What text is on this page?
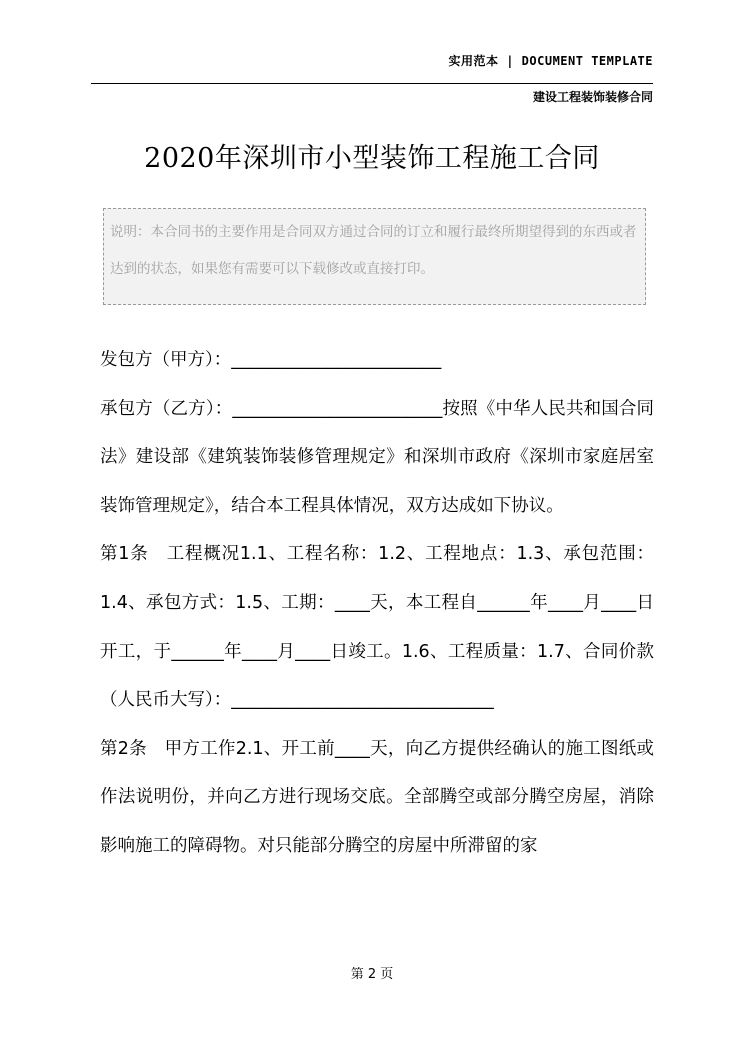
实用范本 | DOCUMENT TEMPLATE
建设工程装饰装修合同
2020年深圳市小型装饰工程施工合同
说明：本合同书的主要作用是合同双方通过合同的订立和履行最终所期望得到的东西或者达到的状态，如果您有需要可以下载修改或直接打印。

发包方（甲方）：________________________

承包方（乙方）：________________________按照《中华人民共和国合同法》建设部《建筑装饰装修管理规定》和深圳市政府《深圳市家庭居室装饰管理规定》，结合本工程具体情况，双方达成如下协议。

第1条　工程概况1.1、工程名称：1.2、工程地点：1.3、承包范围：1.4、承包方式：1.5、工期：____天，本工程自______年____月____日开工，于______年____月____日竣工。1.6、工程质量：1.7、合同价款（人民币大写）：______________________________

第2条　甲方工作2.1、开工前____天，向乙方提供经确认的施工图纸或作法说明份，并向乙方进行现场交底。全部腾空或部分腾空房屋，消除影响施工的障碍物。对只能部分腾空的房屋中所滞留的家

第 2 页
